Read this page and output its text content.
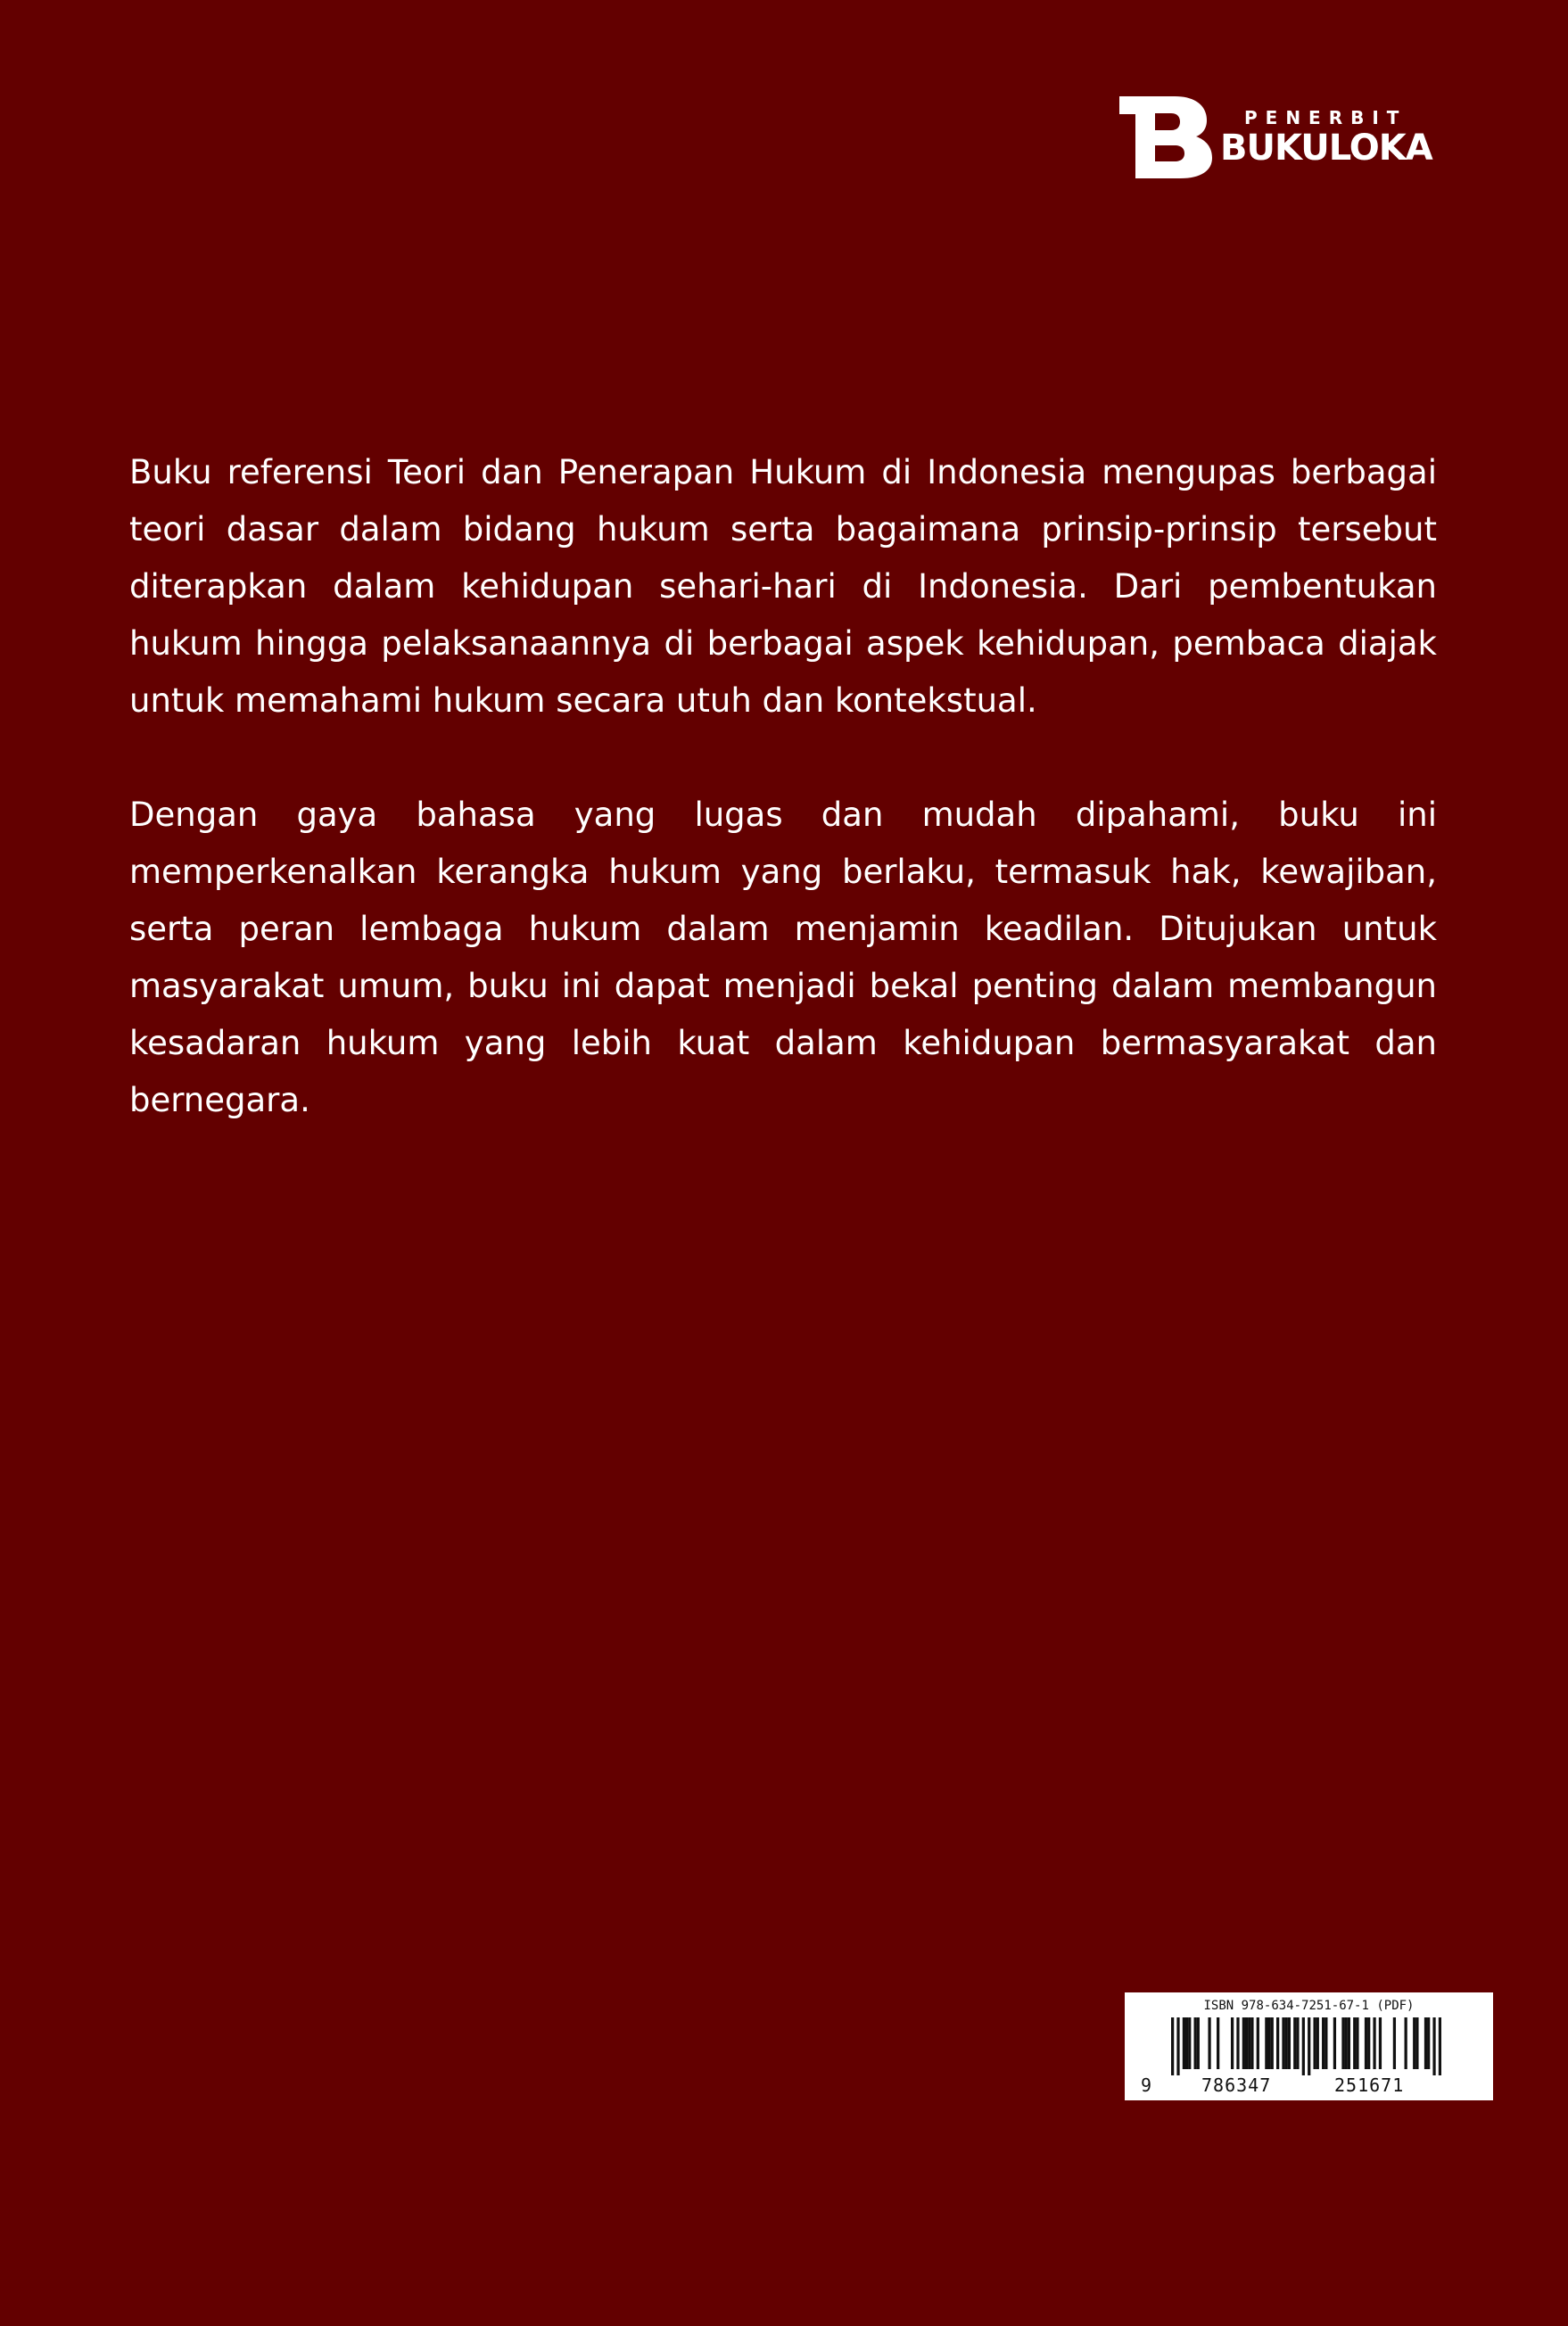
PENERBIT
BUKULOKA

Buku referensi Teori dan Penerapan Hukum di Indonesia mengupas berbagai teori dasar dalam bidang hukum serta bagaimana prinsip-prinsip tersebut diterapkan dalam kehidupan sehari-hari di Indonesia. Dari pembentukan hukum hingga pelaksanaannya di berbagai aspek kehidupan, pembaca diajak untuk memahami hukum secara utuh dan kontekstual.

Dengan gaya bahasa yang lugas dan mudah dipahami, buku ini memperkenalkan kerangka hukum yang berlaku, termasuk hak, kewajiban, serta peran lembaga hukum dalam menjamin keadilan. Ditujukan untuk masyarakat umum, buku ini dapat menjadi bekal penting dalam membangun kesadaran hukum yang lebih kuat dalam kehidupan bermasyarakat dan bernegara.

ISBN 978-634-7251-67-1 (PDF)
9	786347	251671
